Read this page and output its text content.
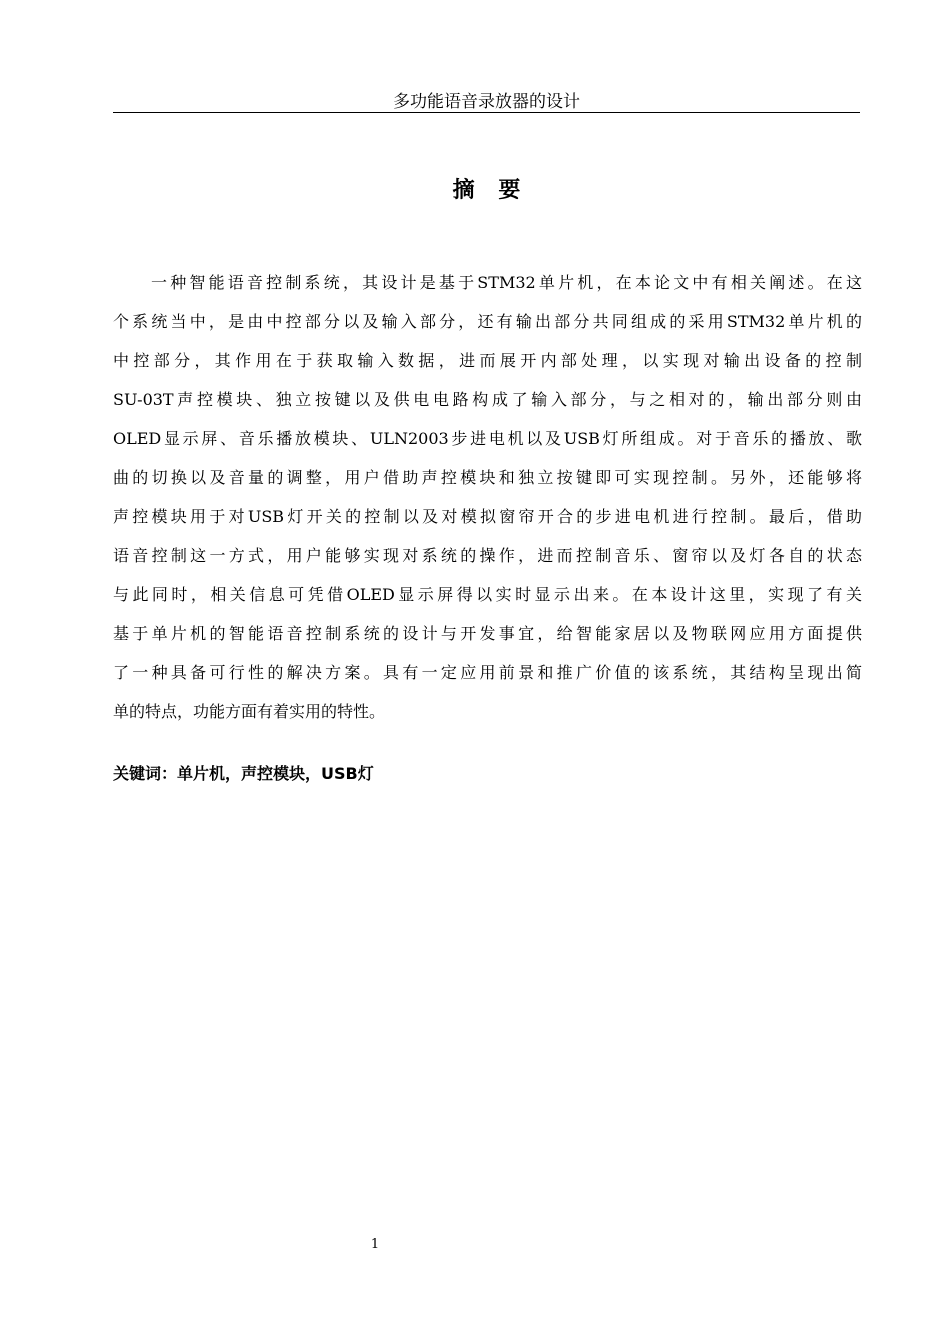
多功能语音录放器的设计
摘 要
一种智能语音控制系统，其设计是基于STM32单片机，在本论文中有相关阐述。在这
个系统当中，是由中控部分以及输入部分，还有输出部分共同组成的采用STM32单片机的
中控部分，其作用在于获取输入数据，进而展开内部处理，以实现对输出设备的控制
SU-03T声控模块、独立按键以及供电电路构成了输入部分，与之相对的，输出部分则由
OLED显示屏、音乐播放模块、ULN2003步进电机以及USB灯所组成。对于音乐的播放、歌
曲的切换以及音量的调整，用户借助声控模块和独立按键即可实现控制。另外，还能够将
声控模块用于对USB灯开关的控制以及对模拟窗帘开合的步进电机进行控制。最后，借助
语音控制这一方式，用户能够实现对系统的操作，进而控制音乐、窗帘以及灯各自的状态
与此同时，相关信息可凭借OLED显示屏得以实时显示出来。在本设计这里，实现了有关
基于单片机的智能语音控制系统的设计与开发事宜，给智能家居以及物联网应用方面提供
了一种具备可行性的解决方案。具有一定应用前景和推广价值的该系统，其结构呈现出简
单的特点，功能方面有着实用的特性。
关键词：单片机，声控模块，USB灯
1
